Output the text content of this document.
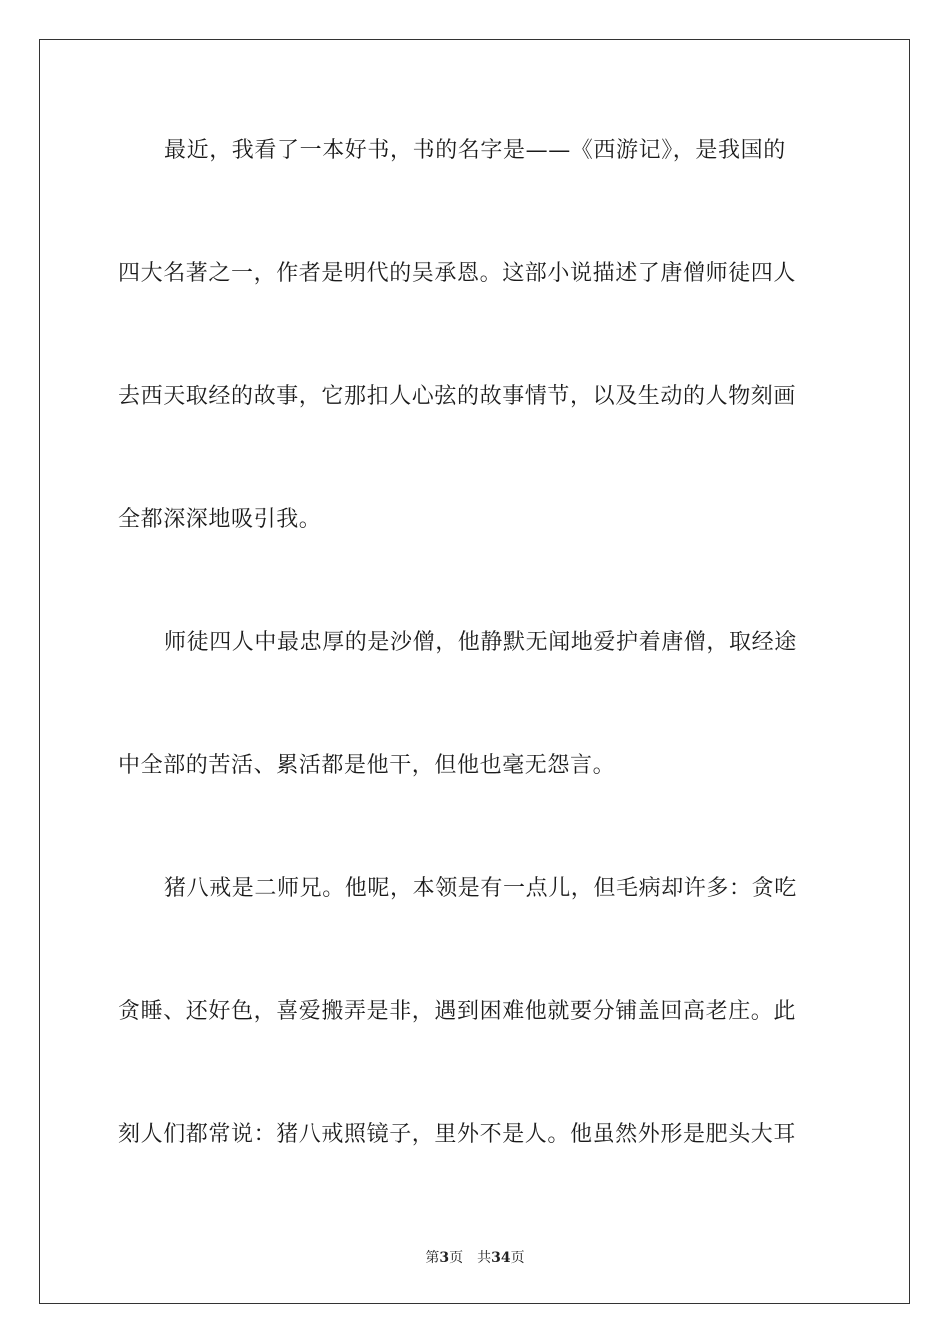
最近，我看了一本好书，书的名字是——《西游记》，是我国的
四大名著之一，作者是明代的吴承恩。这部小说描述了唐僧师徒四人
去西天取经的故事，它那扣人心弦的故事情节，以及生动的人物刻画
全都深深地吸引我。
师徒四人中最忠厚的是沙僧，他静默无闻地爱护着唐僧，取经途
中全部的苦活、累活都是他干，但他也毫无怨言。
猪八戒是二师兄。他呢，本领是有一点儿，但毛病却许多：贪吃
贪睡、还好色，喜爱搬弄是非，遇到困难他就要分铺盖回高老庄。此
刻人们都常说：猪八戒照镜子，里外不是人。他虽然外形是肥头大耳
第3页 共34页
